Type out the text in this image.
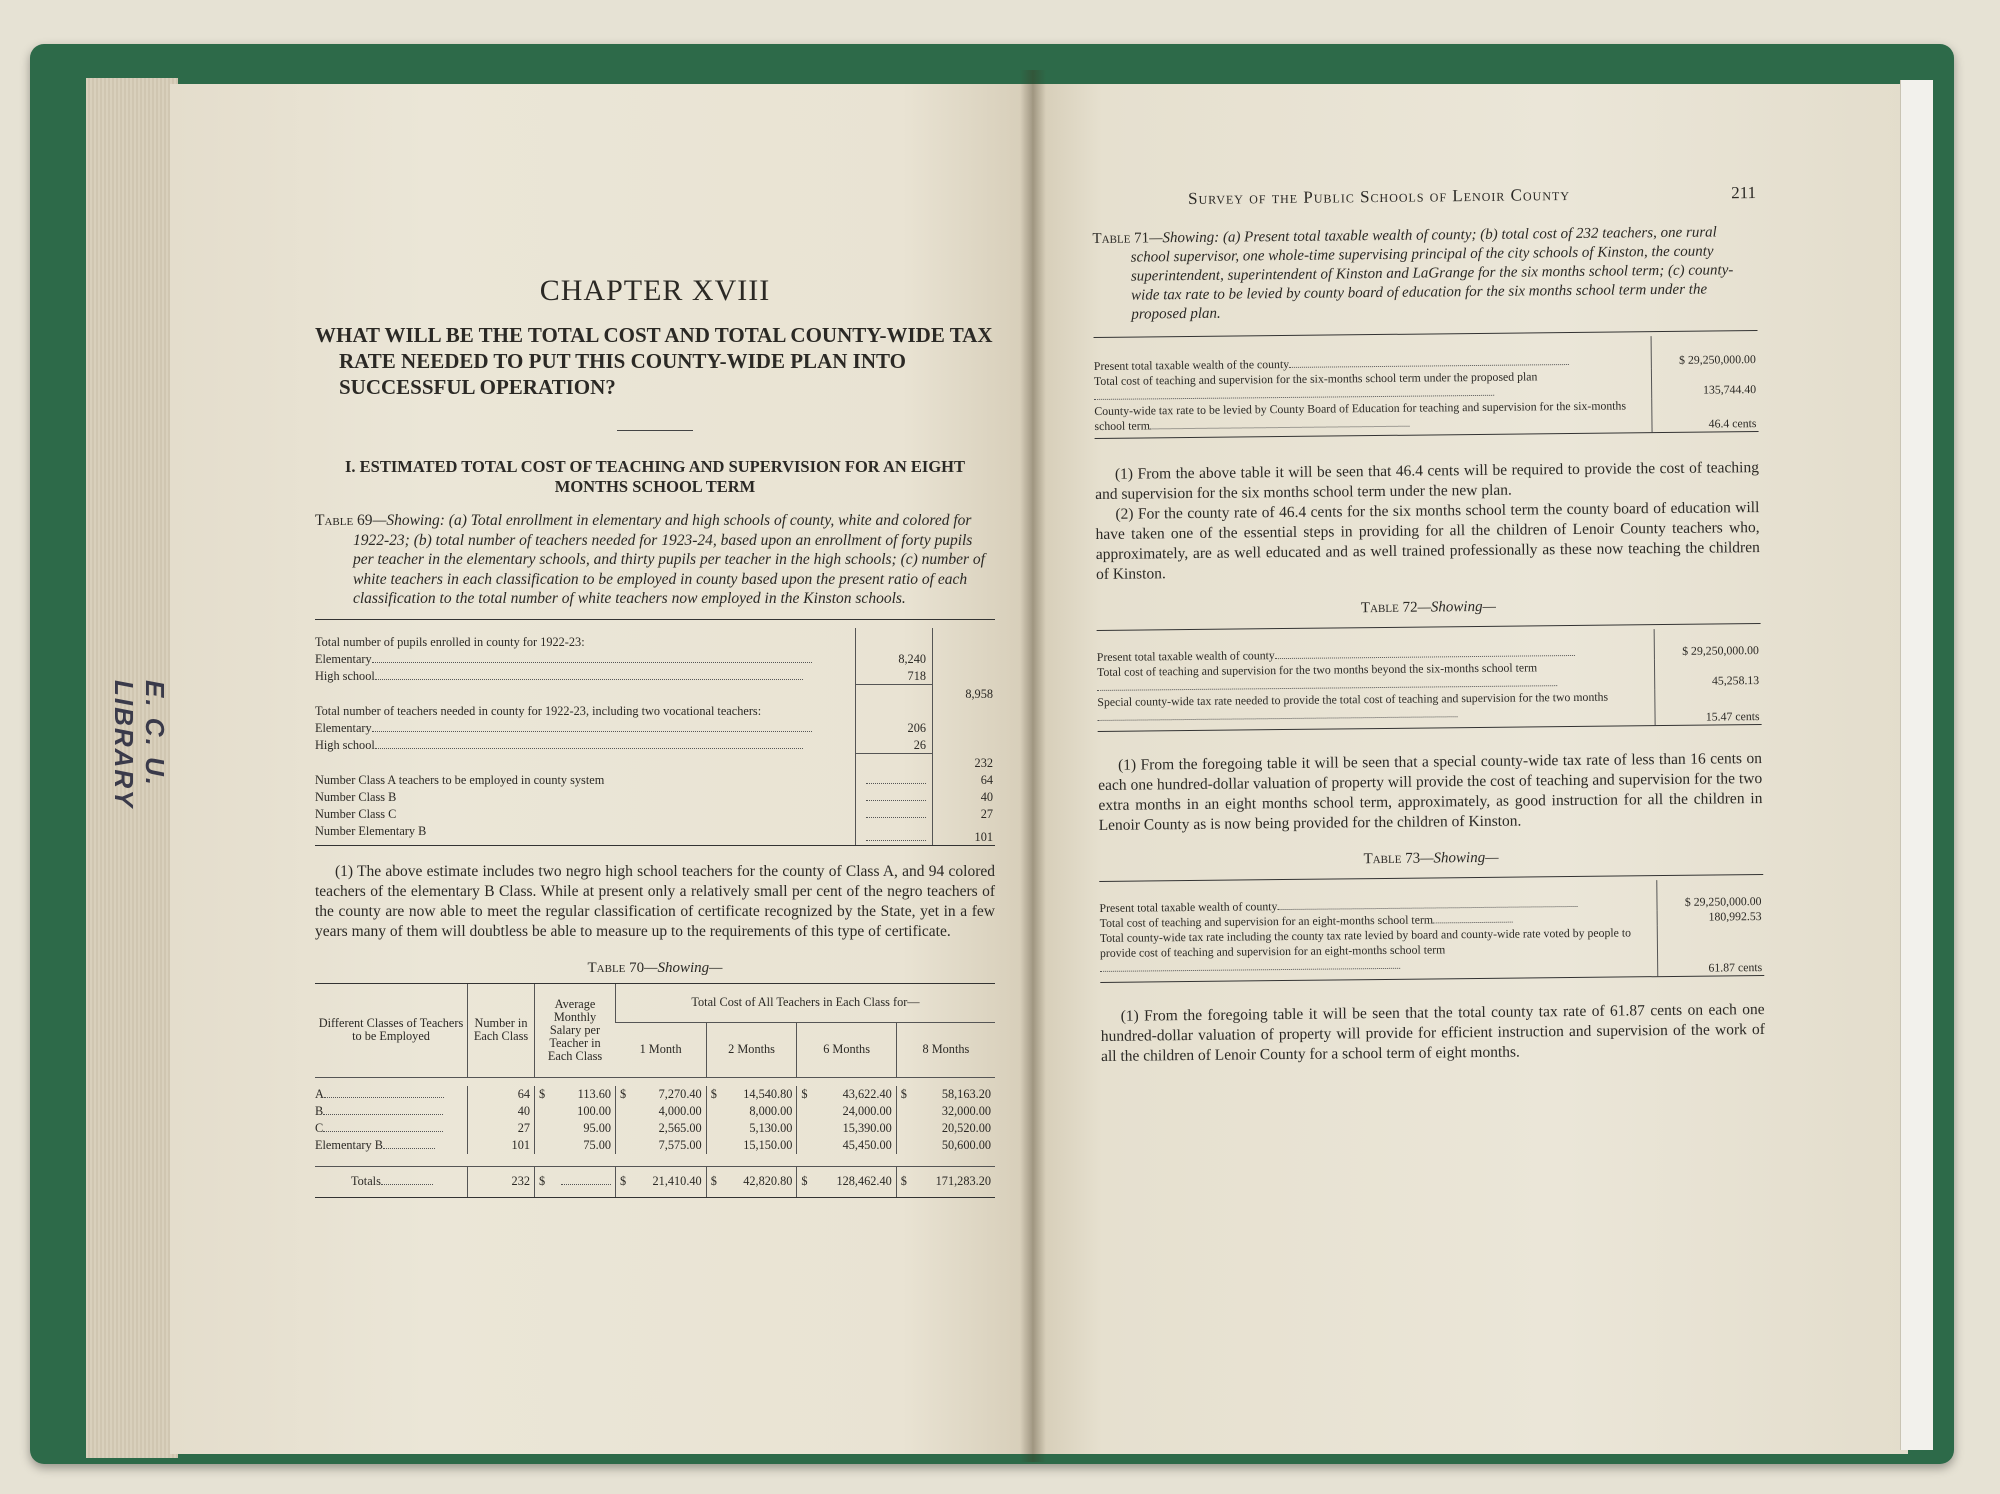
E. C. U. LIBRARY
CHAPTER XVIII
WHAT WILL BE THE TOTAL COST AND TOTAL COUNTY-WIDE TAX RATE NEEDED TO PUT THIS COUNTY-WIDE PLAN INTO SUCCESSFUL OPERATION?
I. ESTIMATED TOTAL COST OF TEACHING AND SUPERVISION FOR AN EIGHT MONTHS SCHOOL TERM
Table 69—Showing: (a) Total enrollment in elementary and high schools of county, white and colored for 1922-23; (b) total number of teachers needed for 1923-24, based upon an enrollment of forty pupils per teacher in the elementary schools, and thirty pupils per teacher in the high schools; (c) number of white teachers in each classification to be employed in county based upon the present ratio of each classification to the total number of white teachers now employed in the Kinston schools.
Total number of pupils enrolled in county for 1922-23:		
Elementary	8,240	
High school	718	
		8,958
Total number of teachers needed in county for 1922-23, including two vocational teachers:		
Elementary	206	
High school	26	
		232
Number Class A teachers to be employed in county system		64
Number Class B		40
Number Class C		27
Number Elementary B		101
(1) The above estimate includes two negro high school teachers for the county of Class A, and 94 colored teachers of the elementary B Class. While at present only a relatively small per cent of the negro teachers of the county are now able to meet the regular classification of certificate recognized by the State, yet in a few years many of them will doubtless be able to measure up to the requirements of this type of certificate.
Table 70—Showing—
Different Classes of Teachers to be Employed	Number in Each Class	Average Monthly Salary per Teacher in Each Class	Total Cost of All Teachers in Each Class for—			
			1 Month	2 Months	6 Months	8 Months

A	64	$ 113.60	$ 7,270.40	$ 14,540.80	$ 43,622.40	$ 58,163.20
B	40	100.00	4,000.00	8,000.00	24,000.00	32,000.00
C	27	95.00	2,565.00	5,130.00	15,390.00	20,520.00
Elementary B	101	75.00	7,575.00	15,150.00	45,450.00	50,600.00

Totals	232	$	$ 21,410.40	$ 42,820.80	$ 128,462.40	$ 171,283.20
Survey of the Public Schools of Lenoir County	211
Table 71—Showing: (a) Present total taxable wealth of county; (b) total cost of 232 teachers, one rural school supervisor, one whole-time supervising principal of the city schools of Kinston, the county superintendent, superintendent of Kinston and LaGrange for the six months school term; (c) county-wide tax rate to be levied by county board of education for the six months school term under the proposed plan.
Present total taxable wealth of the county	$ 29,250,000.00
Total cost of teaching and supervision for the six-months school term under the proposed plan	135,744.40
County-wide tax rate to be levied by County Board of Education for teaching and supervision for the six-months school term	46.4 cents
(1) From the above table it will be seen that 46.4 cents will be required to provide the cost of teaching and supervision for the six months school term under the new plan.
(2) For the county rate of 46.4 cents for the six months school term the county board of education will have taken one of the essential steps in providing for all the children of Lenoir County teachers who, approximately, are as well educated and as well trained professionally as these now teaching the children of Kinston.
Table 72—Showing—
Present total taxable wealth of county	$ 29,250,000.00
Total cost of teaching and supervision for the two months beyond the six-months school term	45,258.13
Special county-wide tax rate needed to provide the total cost of teaching and supervision for the two months	15.47 cents
(1) From the foregoing table it will be seen that a special county-wide tax rate of less than 16 cents on each one hundred-dollar valuation of property will provide the cost of teaching and supervision for the two extra months in an eight months school term, approximately, as good instruction for all the children in Lenoir County as is now being provided for the children of Kinston.
Table 73—Showing—
Present total taxable wealth of county	$ 29,250,000.00
Total cost of teaching and supervision for an eight-months school term	180,992.53
Total county-wide tax rate including the county tax rate levied by board and county-wide rate voted by people to provide cost of teaching and supervision for an eight-months school term	61.87 cents
(1) From the foregoing table it will be seen that the total county tax rate of 61.87 cents on each one hundred-dollar valuation of property will provide for efficient instruction and supervision of the work of all the children of Lenoir County for a school term of eight months.
